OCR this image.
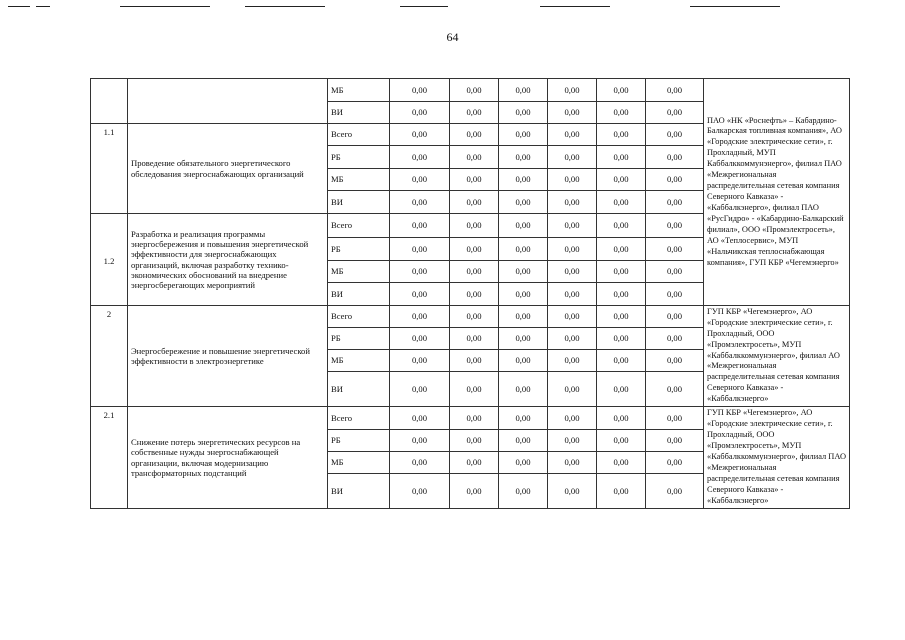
64
		МБ	0,00	0,00	0,00	0,00	0,00	0,00	ПАО «НК «Роснефть» – Кабардино-Балкарская топливная компания», АО «Городские электрические сети», г. Прохладный, МУП Каббалккоммунэнерго», филиал ПАО «Межрегиональная распределительная сетевая компания Северного Кавказа» - «Каббалкэнерго», филиал ПАО «РусГидро» - «Кабардино-Балкарский филиал», ООО «Промэлектросеть», АО «Теплосервис», МУП «Нальчикская теплоснабжающая компания», ГУП КБР «Чегемэнерго»
		ВИ	0,00	0,00	0,00	0,00	0,00	0,00	
1.1	Проведение обязательного энергетического обследования энергоснабжающих организаций	Всего	0,00	0,00	0,00	0,00	0,00	0,00	
		РБ	0,00	0,00	0,00	0,00	0,00	0,00	
		МБ	0,00	0,00	0,00	0,00	0,00	0,00	
		ВИ	0,00	0,00	0,00	0,00	0,00	0,00	
1.2	Разработка и реализация программы энергосбережения и повышения энергетической эффективности для энергоснабжающих организаций, включая разработку технико-экономических обоснований на внедрение энергосберегающих мероприятий	Всего	0,00	0,00	0,00	0,00	0,00	0,00	
		РБ	0,00	0,00	0,00	0,00	0,00	0,00	
		МБ	0,00	0,00	0,00	0,00	0,00	0,00	
		ВИ	0,00	0,00	0,00	0,00	0,00	0,00	
2	Энергосбережение и повышение энергетической эффективности в электроэнергетике	Всего	0,00	0,00	0,00	0,00	0,00	0,00	ГУП КБР «Чегемэнерго», АО «Городские электрические сети», г. Прохладный, ООО «Промэлектросеть», МУП «Каббалккоммунэнерго», филиал АО «Межрегиональная распределительная сетевая компания Северного Кавказа» - «Каббалкэнерго»
		РБ	0,00	0,00	0,00	0,00	0,00	0,00	
		МБ	0,00	0,00	0,00	0,00	0,00	0,00	
		ВИ	0,00	0,00	0,00	0,00	0,00	0,00	
2.1	Снижение потерь энергетических ресурсов на собственные нужды энергоснабжающей организации, включая модернизацию трансформаторных подстанций	Всего	0,00	0,00	0,00	0,00	0,00	0,00	ГУП КБР «Чегемэнерго», АО «Городские электрические сети», г. Прохладный, ООО «Промэлектросеть», МУП «Каббалккоммунэнерго», филиал ПАО «Межрегиональная распределительная сетевая компания Северного Кавказа» - «Каббалкэнерго»
		РБ	0,00	0,00	0,00	0,00	0,00	0,00	
		МБ	0,00	0,00	0,00	0,00	0,00	0,00	
		ВИ	0,00	0,00	0,00	0,00	0,00	0,00	
